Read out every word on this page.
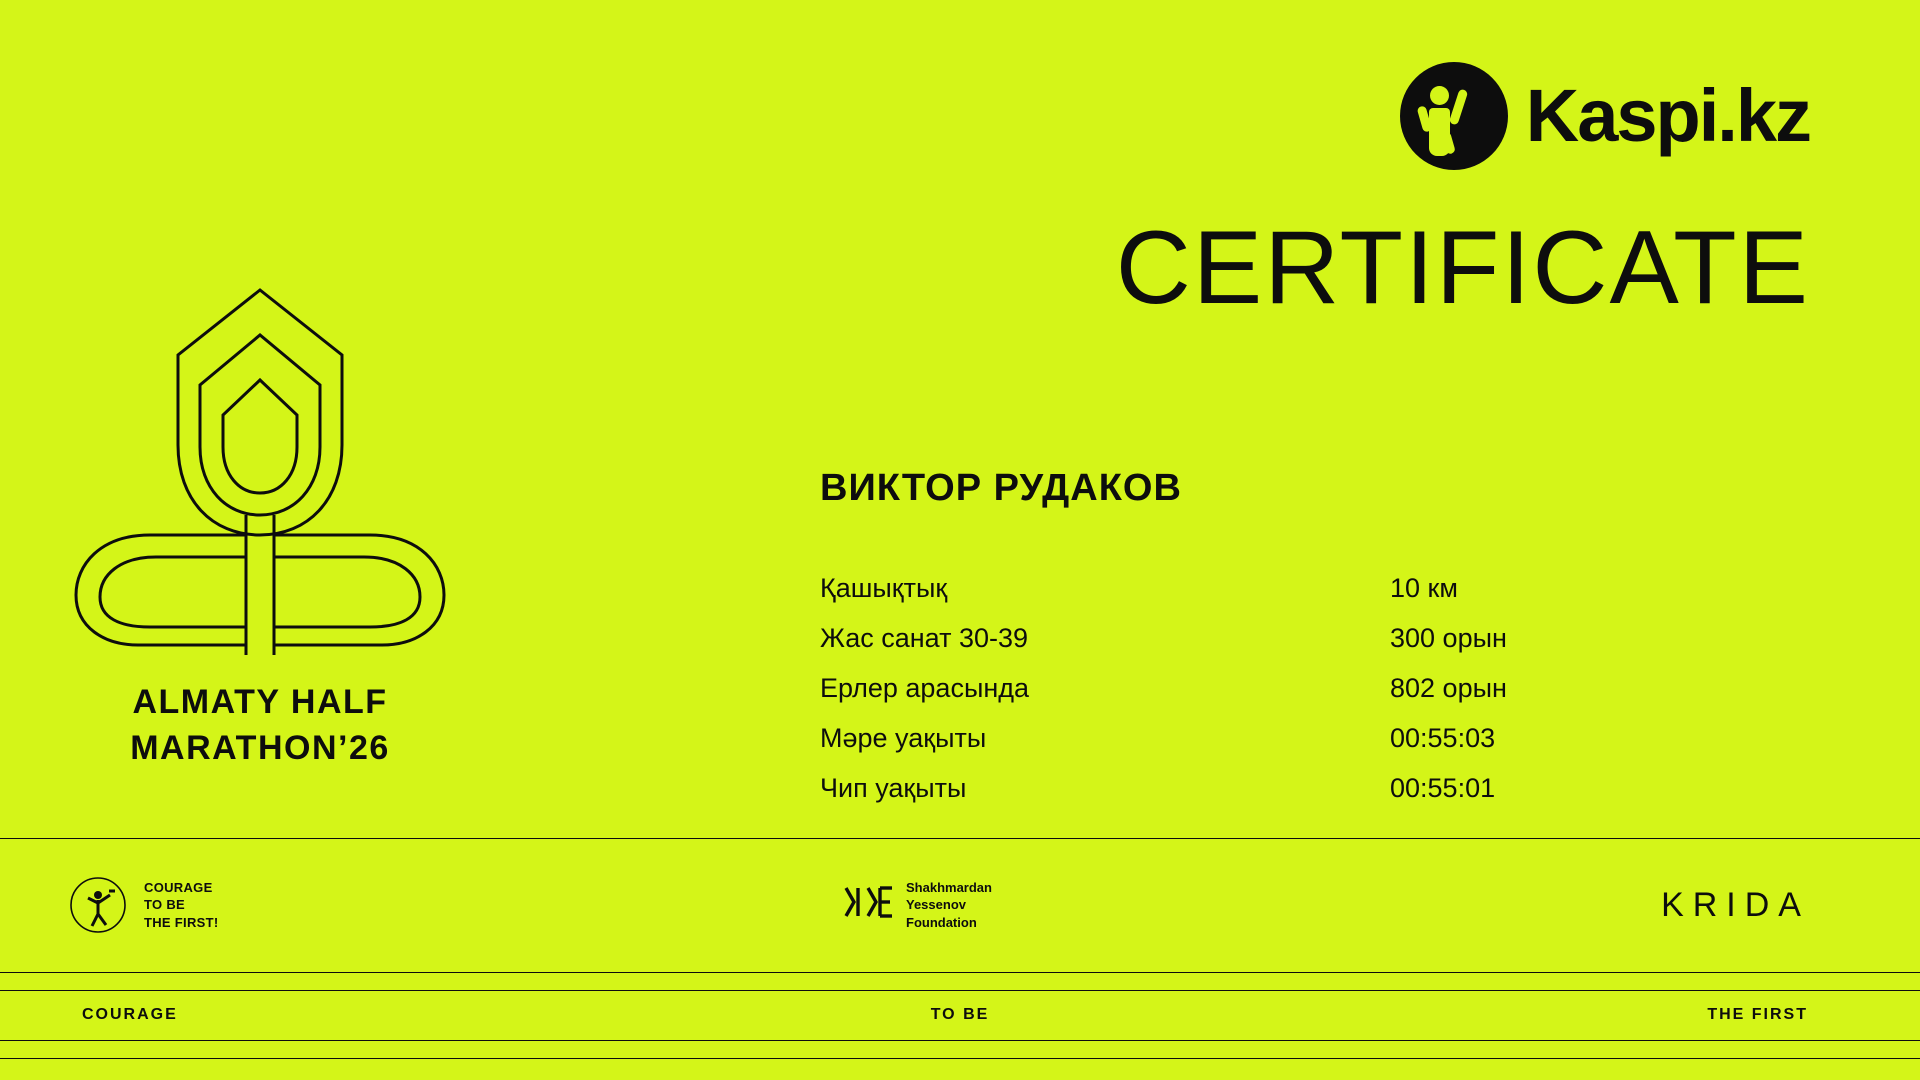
Kaspi.kz
CERTIFICATE
ALMATY HALF
MARATHON’26
ВИКТОР РУДАКОВ
Қашықтық	10 км
Жас санат 30-39	300 орын
Ерлер арасында	802 орын
Мәре уақыты	00:55:03
Чип уақыты	00:55:01
COURAGE
TO BE
THE FIRST!
Shakhmardan
Yessenov
Foundation	KRIDA
COURAGE	TO BE	THE FIRST
